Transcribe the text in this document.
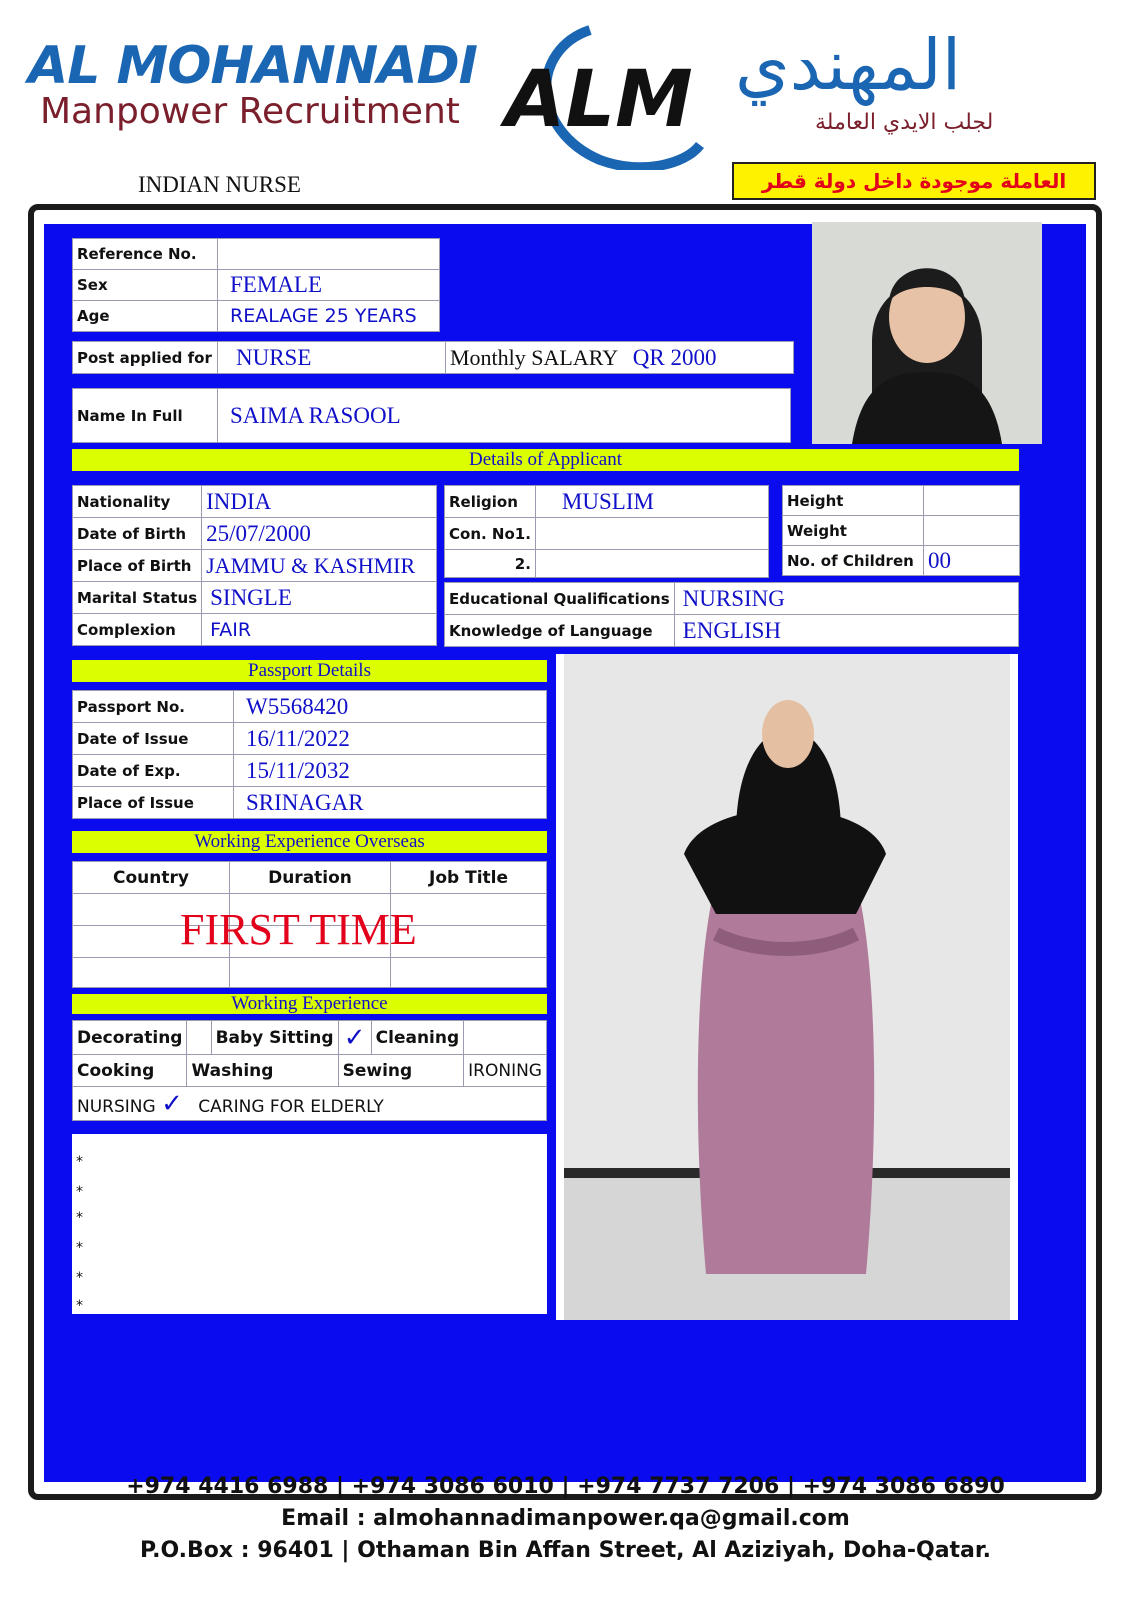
AL MOHANNADI
Manpower Recruitment ALM المهندي
لجلب الايدي العاملة
INDIAN NURSE	العاملة موجودة داخل دولة قطر
Reference No.	
Sex	FEMALE
Age	REALAGE 25 YEARS
Post applied for	NURSE	Monthly SALARY QR 2000
Name In Full	SAIMA RASOOL
Details of Applicant
Nationality	INDIA
Date of Birth	25/07/2000
Place of Birth	JAMMU & KASHMIR
Marital Status	SINGLE
Complexion	FAIR
Religion	MUSLIM
Con. No1.	
2.	
Height	
Weight	
No. of Children	00
Educational Qualifications	NURSING
Knowledge of Language	ENGLISH
Passport Details
Passport No.	W5568420
Date of Issue	16/11/2022
Date of Exp.	15/11/2032
Place of Issue	SRINAGAR
Working Experience Overseas
Country	Duration	Job Title

FIRST TIME
Working Experience
Decorating		Baby Sitting	✓	Cleaning	
Cooking	Washing		Sewing		IRONING
NURSING ✓ CARING FOR ELDERLY					
*
*
*
*
*
*
+974 4416 6988 | +974 3086 6010 | +974 7737 7206 | +974 3086 6890
Email : almohannadimanpower.qa@gmail.com
P.O.Box : 96401 | Othaman Bin Affan Street, Al Aziziyah, Doha-Qatar.
